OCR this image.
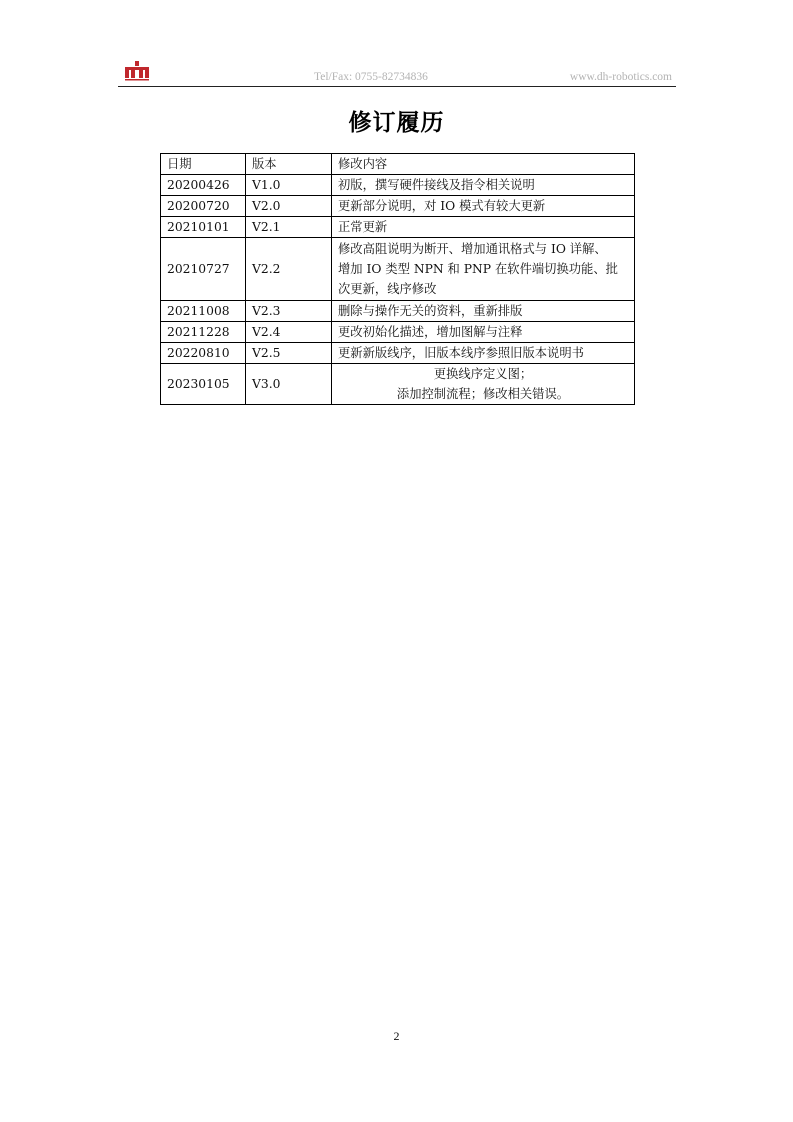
Tel/Fax: 0755-82734836	www.dh-robotics.com
修订履历
日期	版本	修改内容
20200426	V1.0	初版，撰写硬件接线及指令相关说明

20200720	V2.0	更新部分说明，对 IO 模式有较大更新

20210101	V2.1	正常更新

20210727	V2.2	修改高阻说明为断开、增加通讯格式与 IO 详解、
增加 IO 类型 NPN 和 PNP 在软件端切换功能、批
次更新，线序修改

20211008	V2.3	删除与操作无关的资料，重新排版

20211228	V2.4	更改初始化描述，增加图解与注释

20220810	V2.5	更新新版线序，旧版本线序参照旧版本说明书

20230105	V3.0	更换线序定义图；
添加控制流程；修改相关错误。
2
